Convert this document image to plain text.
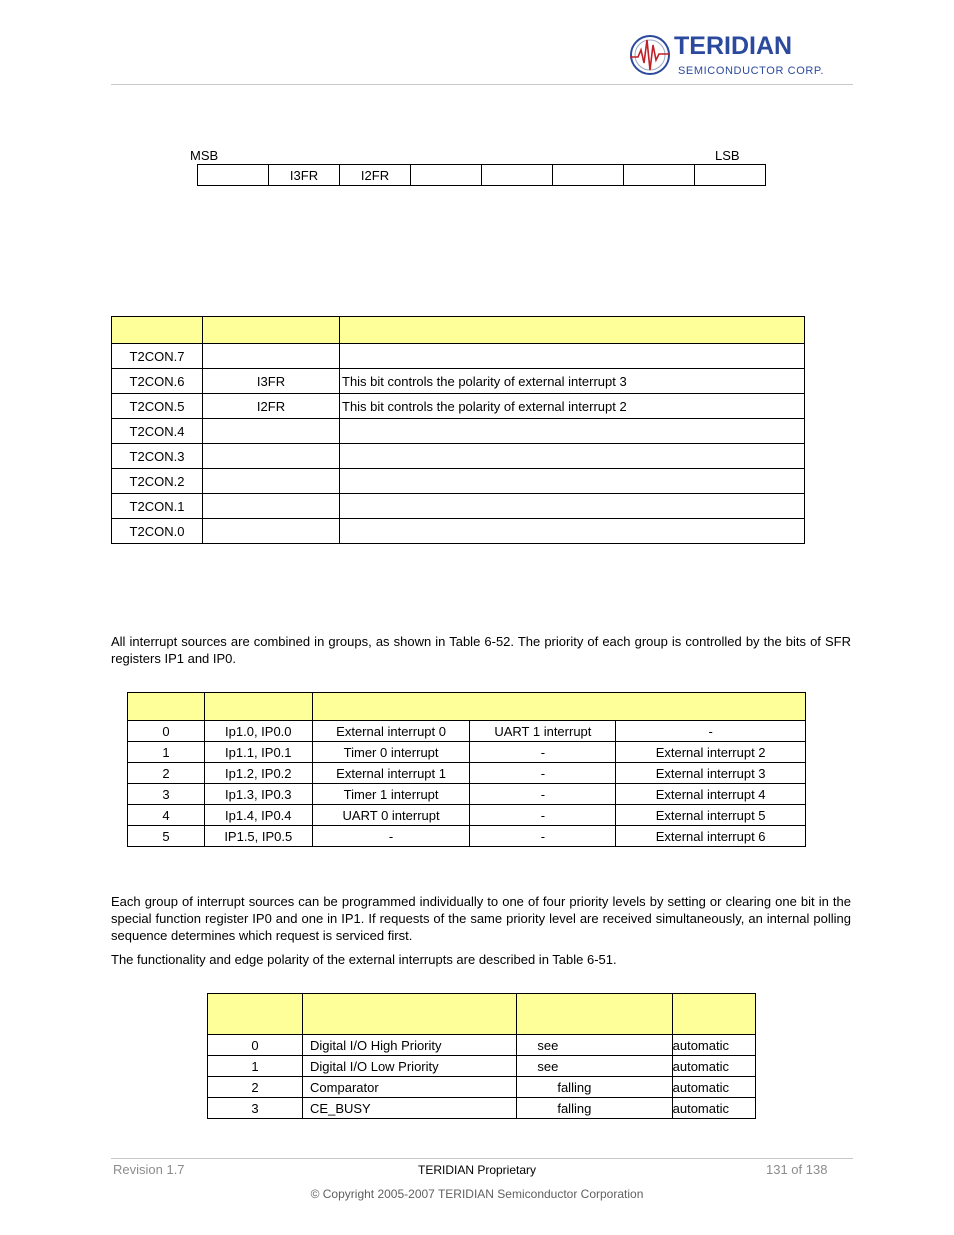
TERIDIAN
SEMICONDUCTOR CORP.
MSB	LSB
	I3FR	I2FR					

T2CON.7		
T2CON.6	I3FR	This bit controls the polarity of external interrupt 3
T2CON.5	I2FR	This bit controls the polarity of external interrupt 2
T2CON.4		
T2CON.3		
T2CON.2		
T2CON.1		
T2CON.0		
All interrupt sources are combined in groups, as shown in Table 6-52. The priority of each group is controlled by the bits of SFR registers IP1 and IP0.

0	Ip1.0, IP0.0	External interrupt 0	UART 1 interrupt	-
1	Ip1.1, IP0.1	Timer 0 interrupt	-	External interrupt 2
2	Ip1.2, IP0.2	External interrupt 1	-	External interrupt 3
3	Ip1.3, IP0.3	Timer 1 interrupt	-	External interrupt 4
4	Ip1.4, IP0.4	UART 0 interrupt	-	External interrupt 5
5	IP1.5, IP0.5	-	-	External interrupt 6
Each group of interrupt sources can be programmed individually to one of four priority levels by setting or clearing one bit in the special function register IP0 and one in IP1. If requests of the same priority level are received simultaneously, an internal polling sequence determines which request is serviced first.
The functionality and edge polarity of the external interrupts are described in Table 6-51.

0	Digital I/O High Priority	see	automatic
1	Digital I/O Low Priority	see	automatic
2	Comparator	falling	automatic
3	CE_BUSY	falling	automatic
Revision 1.7	TERIDIAN Proprietary	131 of 138
© Copyright 2005-2007 TERIDIAN Semiconductor Corporation
